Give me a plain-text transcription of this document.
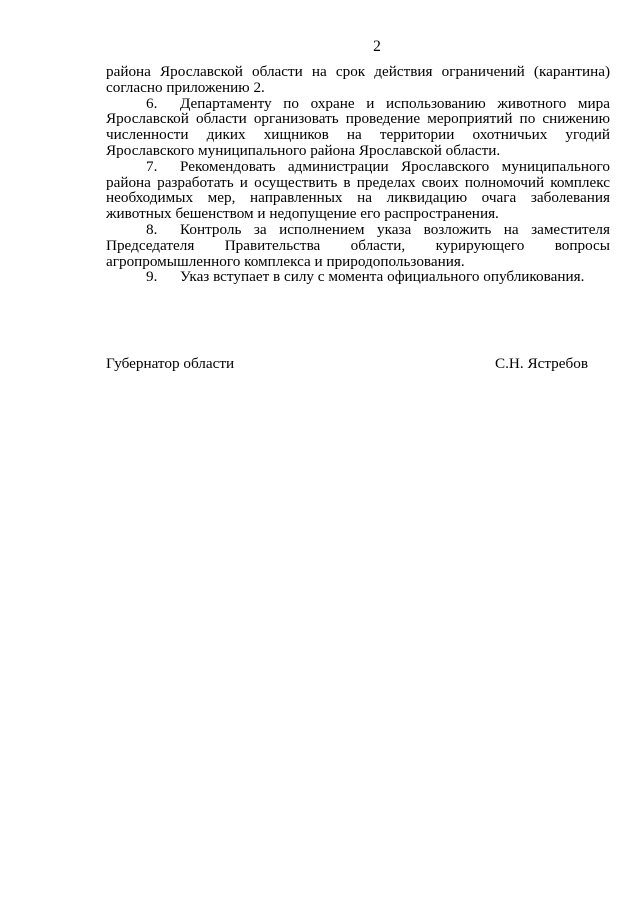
2

района Ярославской области на срок действия ограничений (карантина) согласно приложению 2.

6. Департаменту по охране и использованию животного мира Ярославской области организовать проведение мероприятий по снижению численности диких хищников на территории охотничьих угодий Ярославского муниципального района Ярославской области.

7. Рекомендовать администрации Ярославского муниципального района разработать и осуществить в пределах своих полномочий комплекс необходимых мер, направленных на ликвидацию очага заболевания животных бешенством и недопущение его распространения.

8. Контроль за исполнением указа возложить на заместителя Председателя Правительства области, курирующего вопросы агропромышленного комплекса и природопользования.

9. Указ вступает в силу с момента официального опубликования.

Губернатор области	С.Н. Ястребов
